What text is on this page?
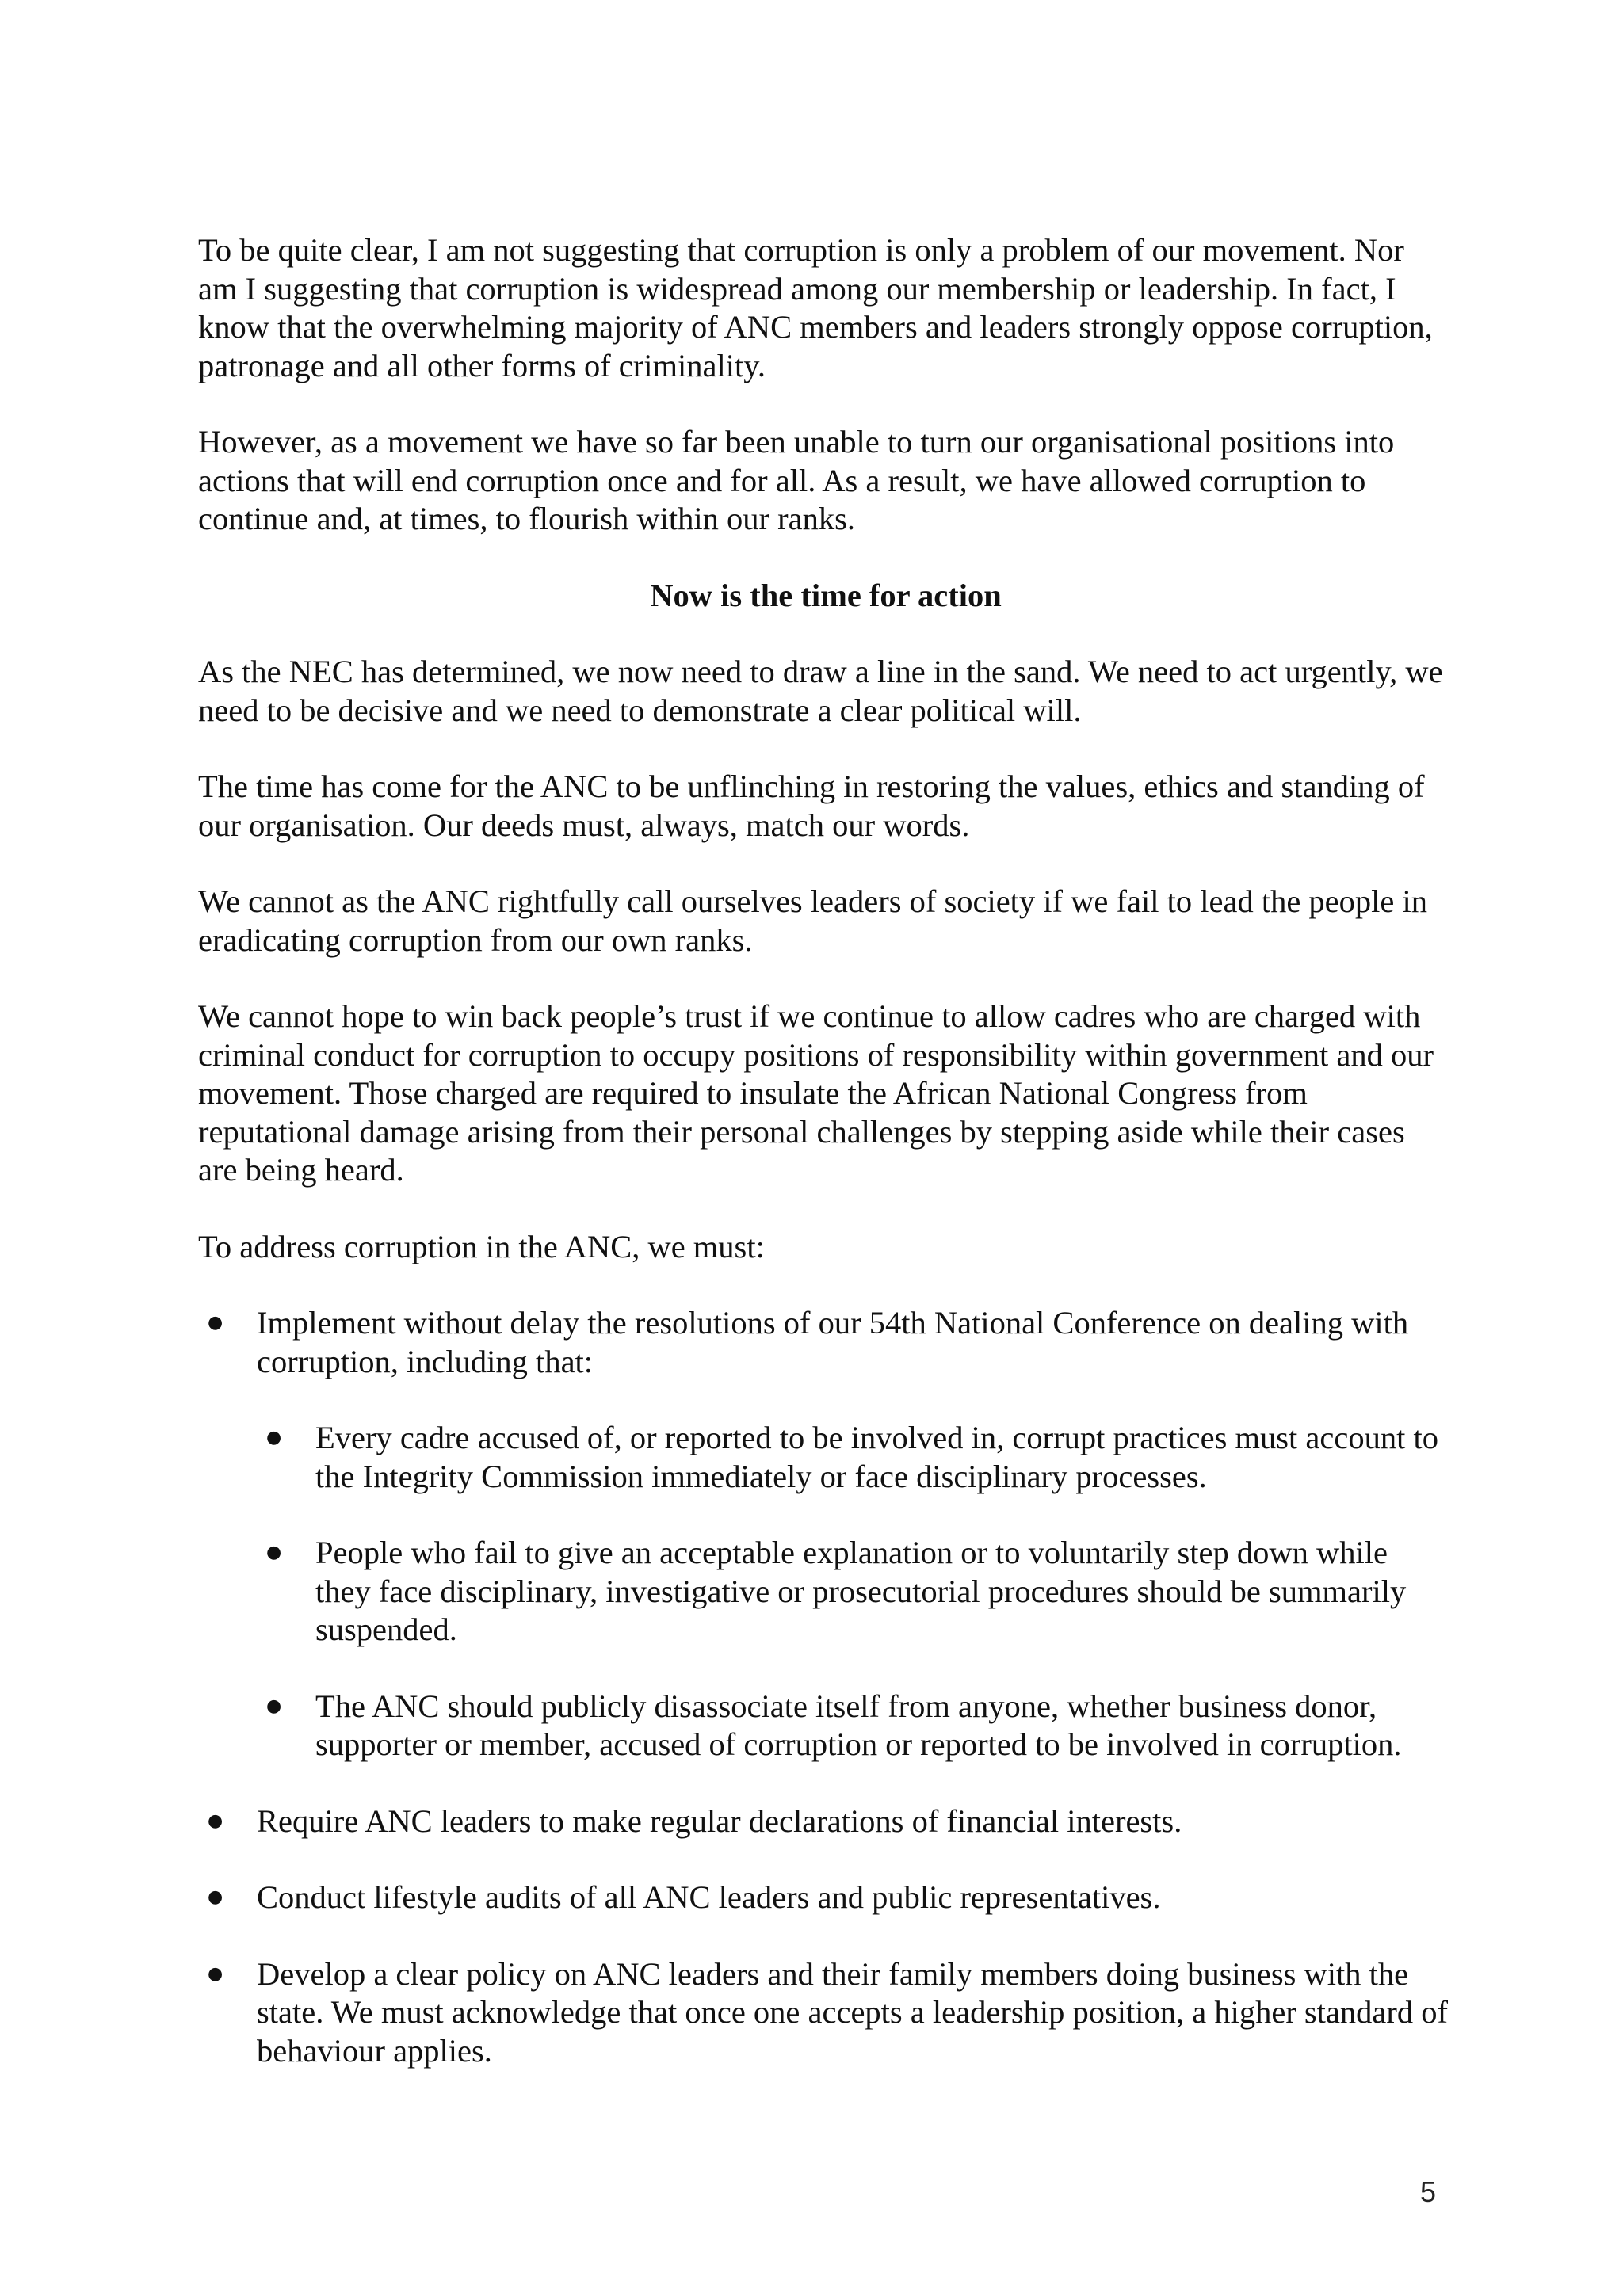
To be quite clear, I am not suggesting that corruption is only a problem of our movement. Nor am I suggesting that corruption is widespread among our membership or leadership. In fact, I know that the overwhelming majority of ANC members and leaders strongly oppose corruption, patronage and all other forms of criminality.

However, as a movement we have so far been unable to turn our organisational positions into actions that will end corruption once and for all. As a result, we have allowed corruption to continue and, at times, to flourish within our ranks.

Now is the time for action

As the NEC has determined, we now need to draw a line in the sand. We need to act urgently, we need to be decisive and we need to demonstrate a clear political will.

The time has come for the ANC to be unflinching in restoring the values, ethics and standing of our organisation. Our deeds must, always, match our words.

We cannot as the ANC rightfully call ourselves leaders of society if we fail to lead the people in eradicating corruption from our own ranks.

We cannot hope to win back people’s trust if we continue to allow cadres who are charged with criminal conduct for corruption to occupy positions of responsibility within government and our movement. Those charged are required to insulate the African National Congress from reputational damage arising from their personal challenges by stepping aside while their cases are being heard.

To address corruption in the ANC, we must:

● Implement without delay the resolutions of our 54th National Conference on dealing with corruption, including that:
● Every cadre accused of, or reported to be involved in, corrupt practices must account to the Integrity Commission immediately or face disciplinary processes.
● People who fail to give an acceptable explanation or to voluntarily step down while they face disciplinary, investigative or prosecutorial procedures should be summarily suspended.
● The ANC should publicly disassociate itself from anyone, whether business donor, supporter or member, accused of corruption or reported to be involved in corruption.
● Require ANC leaders to make regular declarations of financial interests.
● Conduct lifestyle audits of all ANC leaders and public representatives.
● Develop a clear policy on ANC leaders and their family members doing business with the state. We must acknowledge that once one accepts a leadership position, a higher standard of behaviour applies.
5
